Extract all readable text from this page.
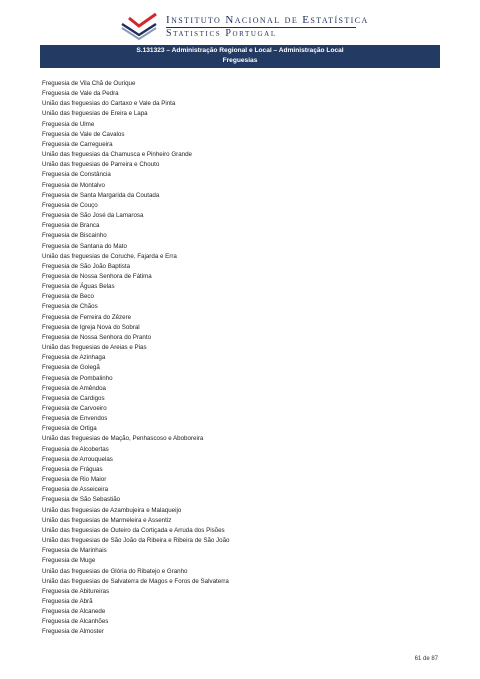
Instituto Nacional de Estatística
Statistics Portugal
S.131323 – Administração Regional e Local – Administração Local
Freguesias
Freguesia de Vila Chã de Ourique
Freguesia de Vale da Pedra
União das freguesias do Cartaxo e Vale da Pinta
União das freguesias de Ereira e Lapa
Freguesia de Ulme
Freguesia de Vale de Cavalos
Freguesia de Carregueira
União das freguesias da Chamusca e Pinheiro Grande
União das freguesias de Parreira e Chouto
Freguesia de Constância
Freguesia de Montalvo
Freguesia de Santa Margarida da Coutada
Freguesia de Couço
Freguesia de São José da Lamarosa
Freguesia de Branca
Freguesia de Biscainho
Freguesia de Santana do Mato
União das freguesias de Coruche, Fajarda e Erra
Freguesia de São João Baptista
Freguesia de Nossa Senhora de Fátima
Freguesia de Águas Belas
Freguesia de Beco
Freguesia de Chãos
Freguesia de Ferreira do Zêzere
Freguesia de Igreja Nova do Sobral
Freguesia de Nossa Senhora do Pranto
União das freguesias de Areias e Pias
Freguesia de Azinhaga
Freguesia de Golegã
Freguesia de Pombalinho
Freguesia de Amêndoa
Freguesia de Cardigos
Freguesia de Carvoeiro
Freguesia de Envendos
Freguesia de Ortiga
União das freguesias de Mação, Penhascoso e Aboboreira
Freguesia de Alcobertas
Freguesia de Arrouquelas
Freguesia de Fráguas
Freguesia de Rio Maior
Freguesia de Asseiceira
Freguesia de São Sebastião
União das freguesias de Azambujeira e Malaqueijo
União das freguesias de Marmeleira e Assentiz
União das freguesias de Outeiro da Cortiçada e Arruda dos Pisões
União das freguesias de São João da Ribeira e Ribeira de São João
Freguesia de Marinhais
Freguesia de Muge
União das freguesias de Glória do Ribatejo e Granho
União das freguesias de Salvaterra de Magos e Foros de Salvaterra
Freguesia de Abitureiras
Freguesia de Abrã
Freguesia de Alcanede
Freguesia de Alcanhões
Freguesia de Almoster
61 de 87
